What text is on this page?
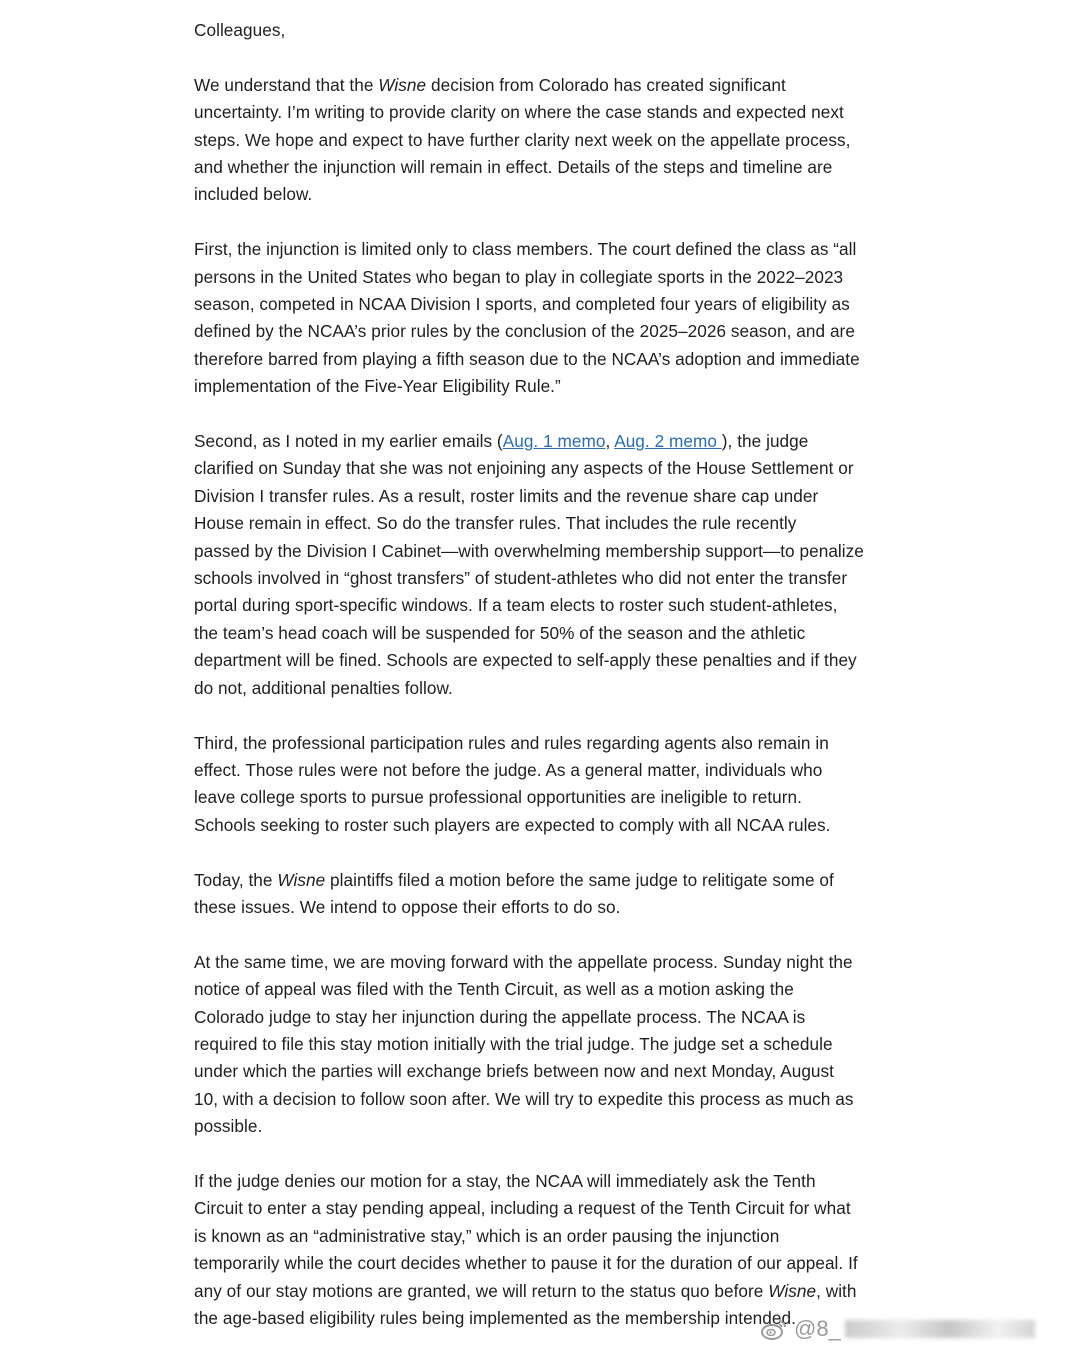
Colleagues,

We understand that the Wisne decision from Colorado has created significant
uncertainty. I’m writing to provide clarity on where the case stands and expected next
steps. We hope and expect to have further clarity next week on the appellate process,
and whether the injunction will remain in effect. Details of the steps and timeline are
included below.

First, the injunction is limited only to class members. The court defined the class as “all
persons in the United States who began to play in collegiate sports in the 2022–2023
season, competed in NCAA Division I sports, and completed four years of eligibility as
defined by the NCAA’s prior rules by the conclusion of the 2025–2026 season, and are
therefore barred from playing a fifth season due to the NCAA’s adoption and immediate
implementation of the Five-Year Eligibility Rule.”

Second, as I noted in my earlier emails (Aug. 1 memo, Aug. 2 memo ), the judge
clarified on Sunday that she was not enjoining any aspects of the House Settlement or
Division I transfer rules. As a result, roster limits and the revenue share cap under
House remain in effect. So do the transfer rules. That includes the rule recently
passed by the Division I Cabinet—with overwhelming membership support—to penalize
schools involved in “ghost transfers” of student-athletes who did not enter the transfer
portal during sport-specific windows. If a team elects to roster such student-athletes,
the team’s head coach will be suspended for 50% of the season and the athletic
department will be fined. Schools are expected to self-apply these penalties and if they
do not, additional penalties follow.

Third, the professional participation rules and rules regarding agents also remain in
effect. Those rules were not before the judge. As a general matter, individuals who
leave college sports to pursue professional opportunities are ineligible to return.
Schools seeking to roster such players are expected to comply with all NCAA rules.

Today, the Wisne plaintiffs filed a motion before the same judge to relitigate some of
these issues. We intend to oppose their efforts to do so.

At the same time, we are moving forward with the appellate process. Sunday night the
notice of appeal was filed with the Tenth Circuit, as well as a motion asking the
Colorado judge to stay her injunction during the appellate process. The NCAA is
required to file this stay motion initially with the trial judge. The judge set a schedule
under which the parties will exchange briefs between now and next Monday, August
10, with a decision to follow soon after. We will try to expedite this process as much as
possible.

If the judge denies our motion for a stay, the NCAA will immediately ask the Tenth
Circuit to enter a stay pending appeal, including a request of the Tenth Circuit for what
is known as an “administrative stay,” which is an order pausing the injunction
temporarily while the court decides whether to pause it for the duration of our appeal. If
any of our stay motions are granted, we will return to the status quo before Wisne, with
the age-based eligibility rules being implemented as the membership intended.

@8_
